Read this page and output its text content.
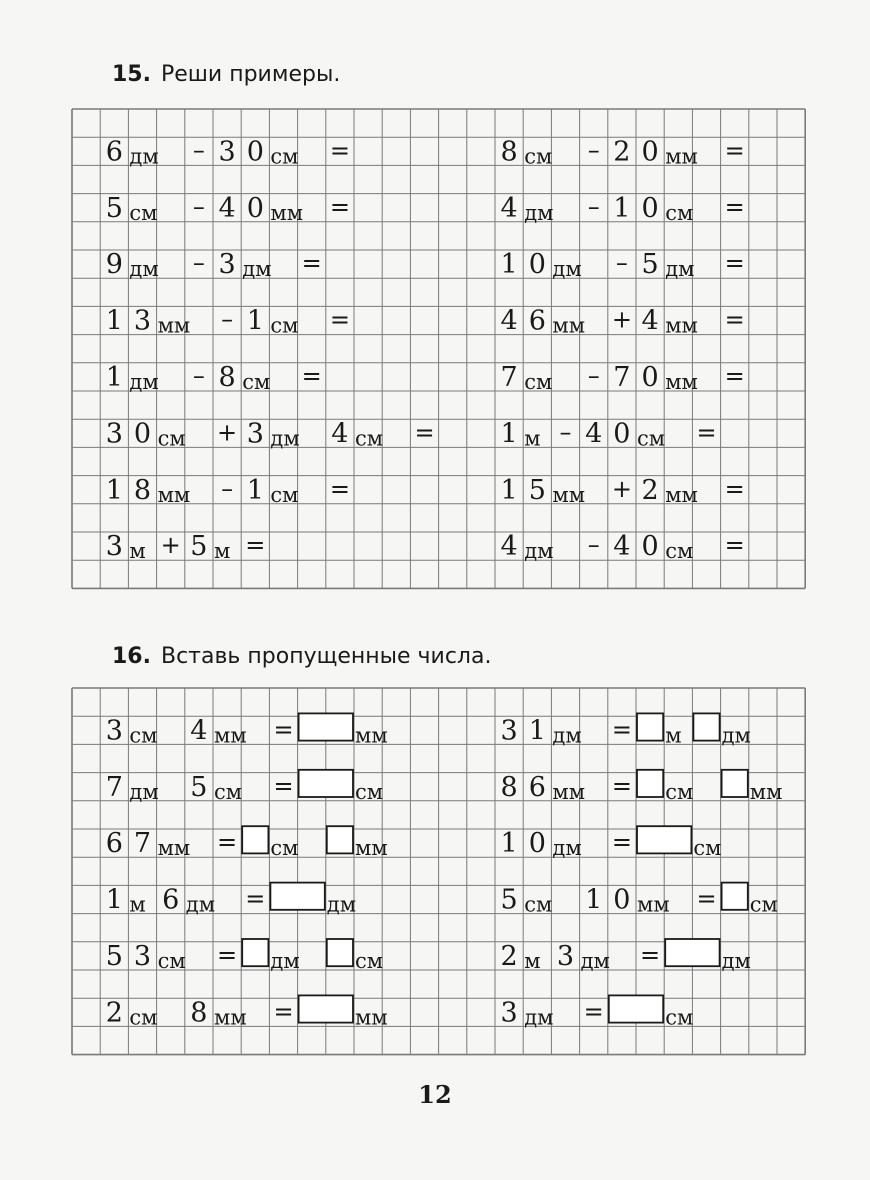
15. Реши примеры.
16. Вставь пропущенные числа.
6 дм – 3 0 см =	8 см – 2 0 мм =
5 см – 4 0 мм =	4 дм – 1 0 см =
9 дм – 3 дм =	1 0 дм – 5 дм =
1 3 мм – 1 см =	4 6 мм + 4 мм =
1 дм – 8 см =	7 см – 7 0 мм =
3 0 см + 3 дм 4 см = 1 м – 4 0 см =
1 8 мм – 1 см =	1 5 мм + 2 мм =
3 м + 5 м =	4 дм – 4 0 см =
3 см 4 мм =	мм	3 1 дм = м дм
7 дм 5 см =	см	8 6 мм = см	мм
6 7 мм = см	мм	1 0 дм =	см
1 м 6 дм =	дм	5 см 1 0 мм = см
5 3 см = дм	см	2 м 3 дм =	дм
2 см 8 мм =	мм	3 дм =	см
12
